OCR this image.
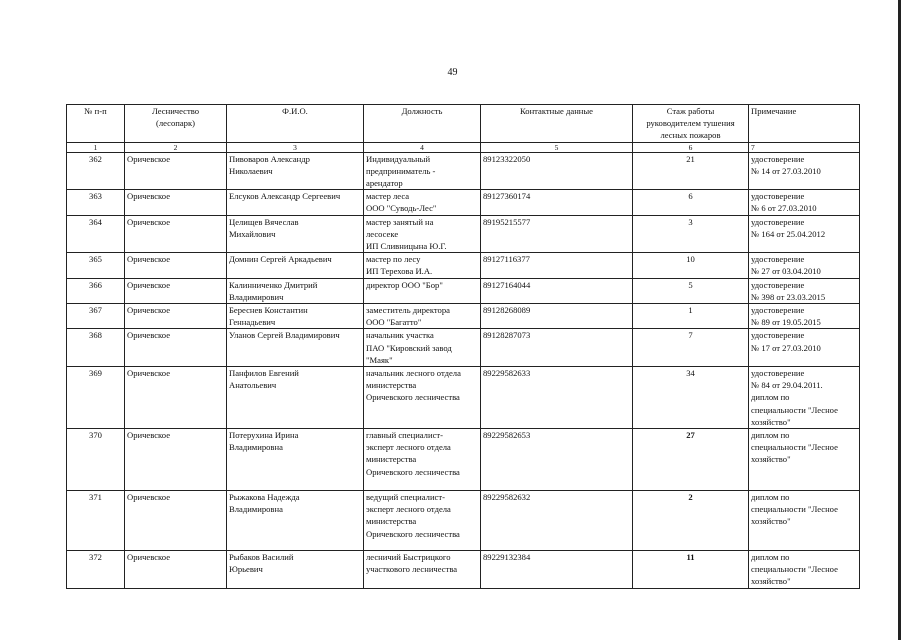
49
№ п-п	Лесничество
(лесопарк)	Ф.И.О.	Должность	Контактные данные	Стаж работы
руководителем тушения
лесных пожаров	Примечание

1	2	3	4	5	6	7

362	Оричевское	Пивоваров Александр
Николаевич	Индивидуальный
предприниматель -
арендатор	89123322050	21	удостоверение
№ 14 от 27.03.2010

363	Оричевское	Елсуков Александр Сергеевич	мастер леса
ООО "Суводь-Лес"	89127360174	6	удостоверение
№ 6 от 27.03.2010

364	Оричевское	Целищев Вячеслав
Михайлович	мастер занятый на
лесосеке
ИП Сливницына Ю.Г.	89195215577	3	удостоверение
№ 164 от 25.04.2012

365	Оричевское	Домнин Сергей Аркадьевич	мастер по лесу
ИП Терехова И.А.	89127116377	10	удостоверение
№ 27 от 03.04.2010

366	Оричевское	Калинниченко Дмитрий
Владимирович	директор ООО "Бор"	89127164044	5	удостоверение
№ 398 от 23.03.2015

367	Оричевское	Береснев Константин
Геннадьевич	заместитель директора
ООО "Багатто"	89128268089	1	удостоверение
№ 89 от 19.05.2015

368	Оричевское	Уланов Сергей Владимирович	начальник участка
ПАО "Кировский завод
"Маяк"	89128287073	7	удостоверение
№ 17 от 27.03.2010

369	Оричевское	Панфилов Евгений
Анатольевич	начальник лесного отдела
министерства
Оричевского лесничества	89229582633	34	удостоверение
№ 84 от 29.04.2011.
диплом по
специальности "Лесное
хозяйство"

370	Оричевское	Потерухина Ирина
Владимировна	главный специалист-
эксперт лесного отдела
министерства
Оричевского лесничества	89229582653	27	диплом по
специальности "Лесное
хозяйство"

371	Оричевское	Рыжакова Надежда
Владимировна	ведущий специалист-
эксперт лесного отдела
министерства
Оричевского лесничества	89229582632	2	диплом по
специальности "Лесное
хозяйство"

372	Оричевское	Рыбаков Василий
Юрьевич	лесничий Быстрицкого
участкового лесничества	89229132384	11	диплом по
специальности "Лесное
хозяйство"
